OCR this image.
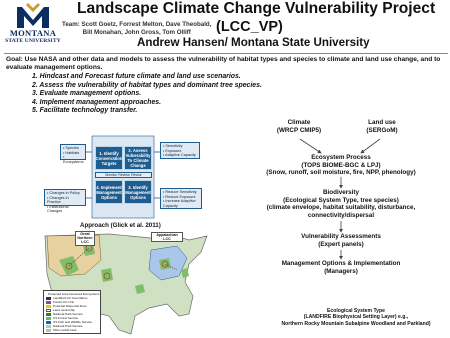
MONTANA
STATE UNIVERSITY
Landscape Climate Change Vulnerability Project
Team: Scott Goetz, Forrest Melton, Dave Theobald,
Bill Monahan, John Gross, Tom Olliff	(LCC_VP)
Andrew Hansen/ Montana State University
Goal: Use NASA and other data and models to assess the vulnerability of habitat types and species to climate and land use change, and to evaluate management options.
1. Hindcast and Forecast future climate and land use scenarios.
2. Assess the vulnerability of habitat types and dominant tree species.
3. Evaluate management options.
4. Implement management approaches.
5. Facilitate technology transfer.
• Species
• Habitats
• Ecosystems
• Sensitivity
• Exposure
• Adaptive Capacity
• Changes in Policy
• Changes in Practice
• Institutional Changes
• Reduce Sensitivity
• Reduce Exposure
• Increase Adaptive Capacity
1. Identify Conservation Targets
2. Assess Vulnerability To Climate Change
Monitor, Review, Revise
3. Identify Management Options
4. Implement Management Options
Approach (Glick et al. 2011)
Great Northern LCC
Appalachian LCC
Protected Area Centered Ecosystems
Landfire/LCC boundaries
Focal LCC Unit
Potential Dispersal Zone
Land ownership
National Park Service
US Forest Service
US Fish and Wildlife Service
National Park Service
Other public land
Climate
(WRCP CMIP5)
Land use
(SERGoM)
Ecosystem Process
(TOPS BIOME-BGC & LPJ)
(Snow, runoff, soil moisture, fire, NPP, phenology)
Biodiversity
(Ecological System Type, tree species)
(climate envelope, habitat suitability, disturbance,
connectivity/dispersal
Vulnerability Assessments
(Expert panels)
Management Options & Implementation
(Managers)
Ecological System Type
(LANDFIRE Biophysical Setting Layer) e.g.,
Northern Rocky Mountain Subalpine Woodland and Parkland)
